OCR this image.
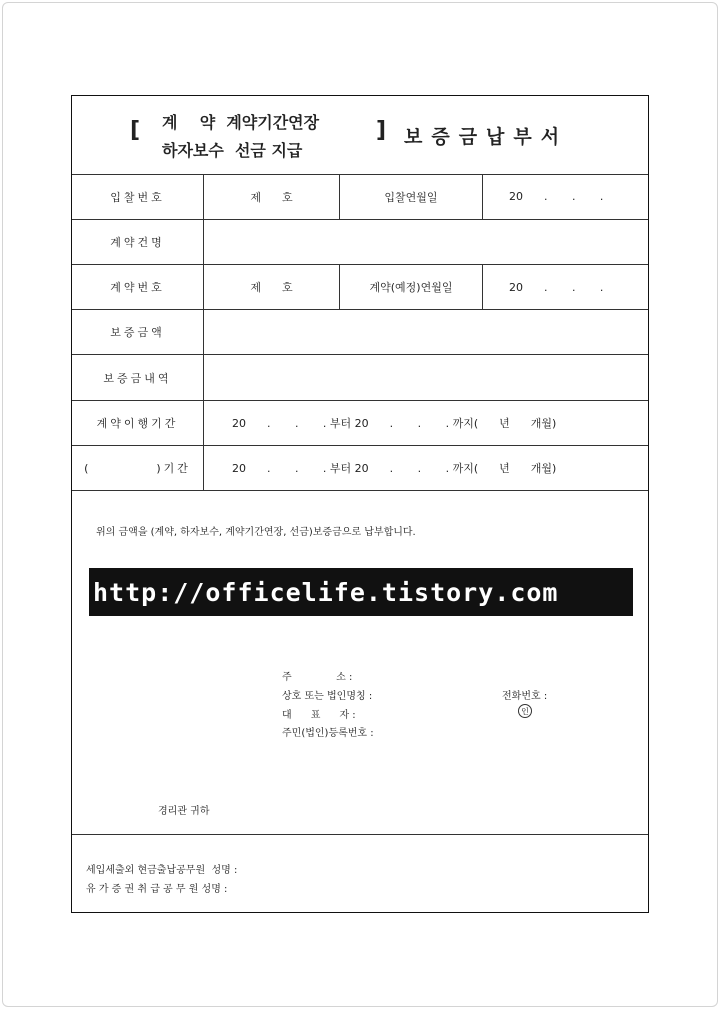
[ 계    약  계약기간연장
하자보수  선금 지급
] 보증금납부서
입찰번호	제      호	입찰연월일	20      .       .       .
계약건명
계약번호	제      호	계약(예정)연월일	20      .       .       .
보증금액
보증금내역
계약이행기간	20      .       .       . 부터 20      .       .       . 까지(      년      개월)
(          )기간	20      .       .       . 부터 20      .       .       . 까지(      년      개월)
위의 금액을 (계약, 하자보수, 계약기간연장, 선금)보증금으로 납부합니다.
http://officelife.tistory.com
주              소 :
상호 또는 법인명칭 :	전화번호 :
대      표      자 :	인
주민(법인)등록번호 :
경리관 귀하
세입세출외 현금출납공무원  성명 :
유 가 증 권 취 급 공 무 원 성명 :
